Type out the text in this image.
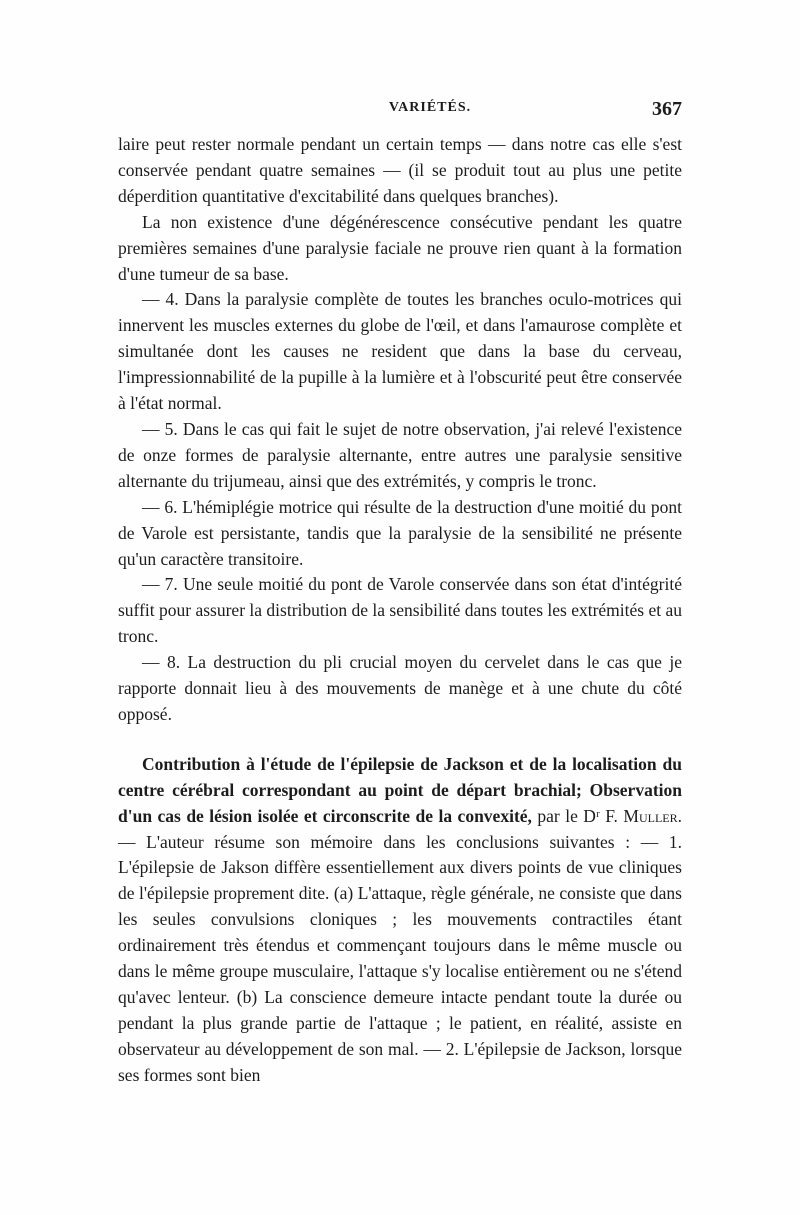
VARIÉTÉS.	367

laire peut rester normale pendant un certain temps — dans notre cas elle s'est conservée pendant quatre semaines — (il se produit tout au plus une petite déperdition quantitative d'excitabilité dans quelques branches).

La non existence d'une dégénérescence consécutive pendant les quatre premières semaines d'une paralysie faciale ne prouve rien quant à la formation d'une tumeur de sa base.

— 4. Dans la paralysie complète de toutes les branches oculo-motrices qui innervent les muscles externes du globe de l'œil, et dans l'amaurose complète et simultanée dont les causes ne resident que dans la base du cerveau, l'impressionnabilité de la pupille à la lumière et à l'obscurité peut être conservée à l'état normal.

— 5. Dans le cas qui fait le sujet de notre observation, j'ai relevé l'existence de onze formes de paralysie alternante, entre autres une paralysie sensitive alternante du trijumeau, ainsi que des extrémités, y compris le tronc.

— 6. L'hémiplégie motrice qui résulte de la destruction d'une moitié du pont de Varole est persistante, tandis que la paralysie de la sensibilité ne présente qu'un caractère transitoire.

— 7. Une seule moitié du pont de Varole conservée dans son état d'intégrité suffit pour assurer la distribution de la sensibilité dans toutes les extrémités et au tronc.

— 8. La destruction du pli crucial moyen du cervelet dans le cas que je rapporte donnait lieu à des mouvements de manège et à une chute du côté opposé.

Contribution à l'étude de l'épilepsie de Jackson et de la localisation du centre cérébral correspondant au point de départ brachial; Observation d'un cas de lésion isolée et circonscrite de la convexité, par le Dʳ F. Muller. — L'auteur résume son mémoire dans les conclusions suivantes : — 1. L'épilepsie de Jakson diffère essentiellement aux divers points de vue cliniques de l'épilepsie proprement dite. (a) L'attaque, règle générale, ne consiste que dans les seules convulsions cloniques ; les mouvements contractiles étant ordinairement très étendus et commençant toujours dans le même muscle ou dans le même groupe musculaire, l'attaque s'y localise entièrement ou ne s'étend qu'avec lenteur. (b) La conscience demeure intacte pendant toute la durée ou pendant la plus grande partie de l'attaque ; le patient, en réalité, assiste en observateur au développement de son mal. — 2. L'épilepsie de Jackson, lorsque ses formes sont bien
